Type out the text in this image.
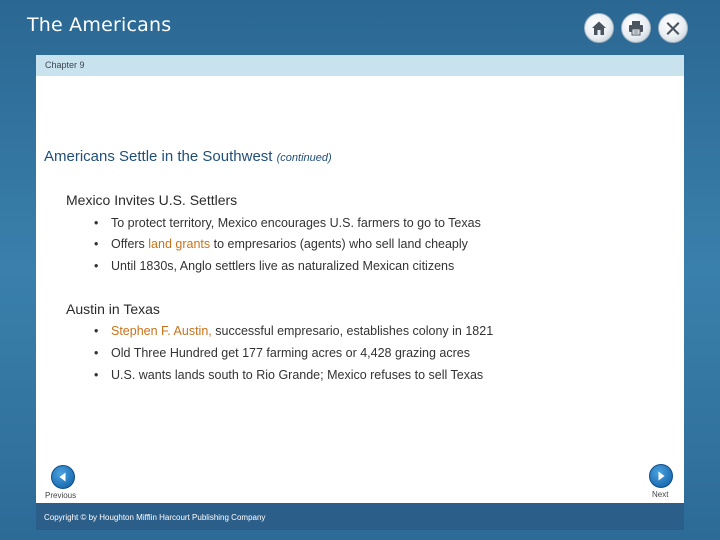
The Americans
Chapter 9
Americans Settle in the Southwest (continued)
Mexico Invites U.S. Settlers
• To protect territory, Mexico encourages U.S. farmers to go to Texas
• Offers land grants to empresarios (agents) who sell land cheaply
• Until 1830s, Anglo settlers live as naturalized Mexican citizens
Austin in Texas
• Stephen F. Austin, successful empresario, establishes colony in 1821
• Old Three Hundred get 177 farming acres or 4,428 grazing acres
• U.S. wants lands south to Rio Grande; Mexico refuses to sell Texas
Previous	Next
Copyright © by Houghton Mifflin Harcourt Publishing Company
